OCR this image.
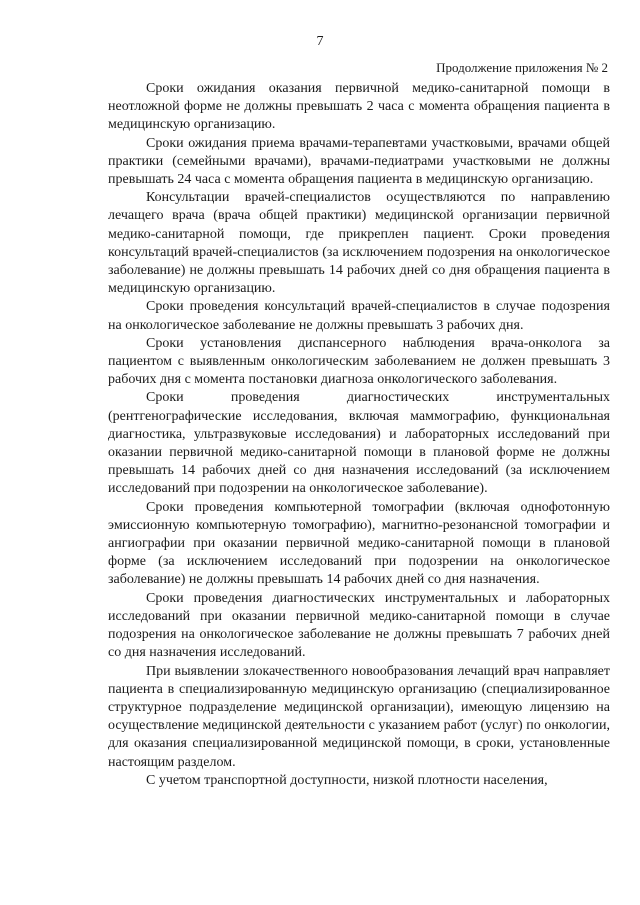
7
Продолжение приложения № 2

Сроки ожидания оказания первичной медико-санитарной помощи в неотложной форме не должны превышать 2 часа с момента обращения пациента в медицинскую организацию.

Сроки ожидания приема врачами-терапевтами участковыми, врачами общей практики (семейными врачами), врачами-педиатрами участковыми не должны превышать 24 часа с момента обращения пациента в медицинскую организацию.

Консультации врачей-специалистов осуществляются по направлению лечащего врача (врача общей практики) медицинской организации первичной медико-санитарной помощи, где прикреплен пациент. Сроки проведения консультаций врачей-специалистов (за исключением подозрения на онкологическое заболевание) не должны превышать 14 рабочих дней со дня обращения пациента в медицинскую организацию.

Сроки проведения консультаций врачей-специалистов в случае подозрения на онкологическое заболевание не должны превышать 3 рабочих дня.

Сроки установления диспансерного наблюдения врача-онколога за пациентом с выявленным онкологическим заболеванием не должен превышать 3 рабочих дня с момента постановки диагноза онкологического заболевания.

Сроки проведения диагностических инструментальных (рентгенографические исследования, включая маммографию, функциональная диагностика, ультразвуковые исследования) и лабораторных исследований при оказании первичной медико-санитарной помощи в плановой форме не должны превышать 14 рабочих дней со дня назначения исследований (за исключением исследований при подозрении на онкологическое заболевание).

Сроки проведения компьютерной томографии (включая однофотонную эмиссионную компьютерную томографию), магнитно-резонансной томографии и ангиографии при оказании первичной медико-санитарной помощи в плановой форме (за исключением исследований при подозрении на онкологическое заболевание) не должны превышать 14 рабочих дней со дня назначения.

Сроки проведения диагностических инструментальных и лабораторных исследований при оказании первичной медико-санитарной помощи в случае подозрения на онкологическое заболевание не должны превышать 7 рабочих дней со дня назначения исследований.

При выявлении злокачественного новообразования лечащий врач направляет пациента в специализированную медицинскую организацию (специализированное структурное подразделение медицинской организации), имеющую лицензию на осуществление медицинской деятельности с указанием работ (услуг) по онкологии, для оказания специализированной медицинской помощи, в сроки, установленные настоящим разделом.

С учетом транспортной доступности, низкой плотности населения,
